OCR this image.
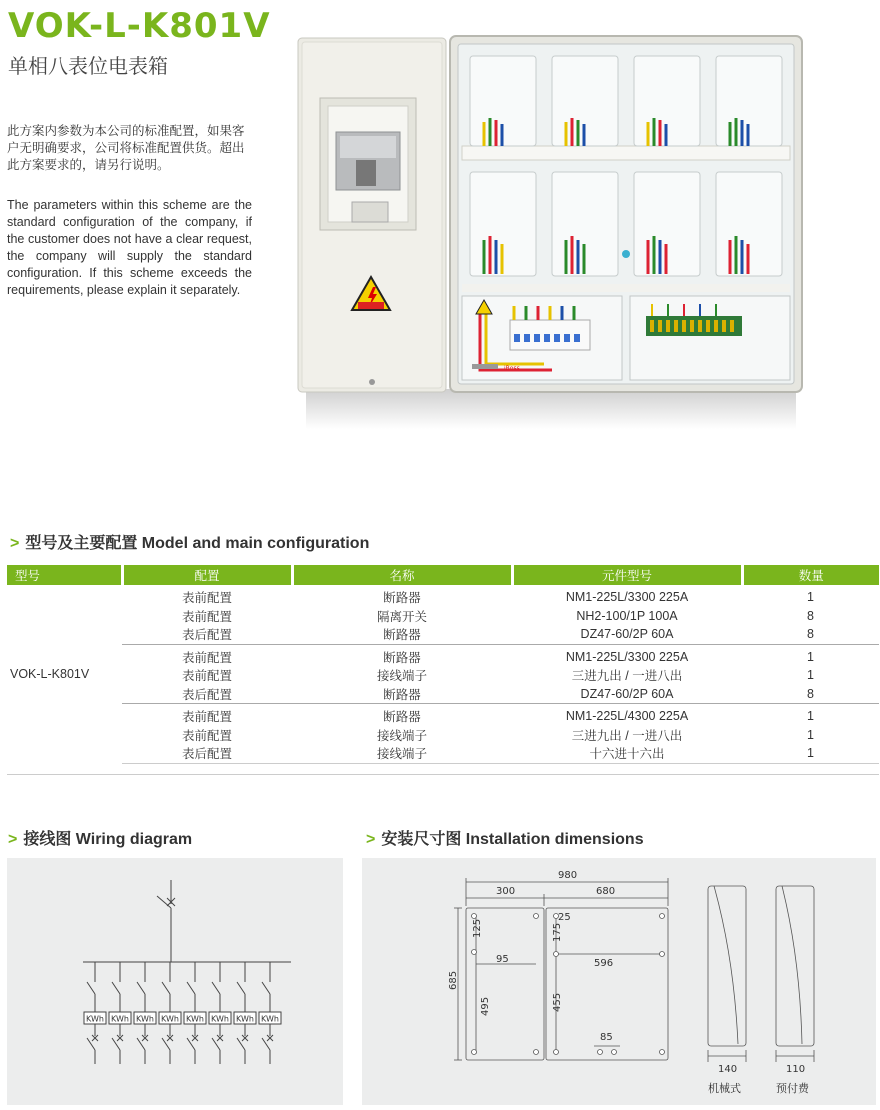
VOK-L-K801V
单相八表位电表箱
此方案内参数为本公司的标准配置，如果客户无明确要求，公司将标准配置供货。超出此方案要求的，请另行说明。
The parameters within this scheme are the standard configuration of the company, if the customer does not have a clear request, the company will supply the standard configuration. If this scheme exceeds the requirements, please explain it separately.
iBoss
> 型号及主要配置 Model and main configuration
型号	配置	名称	元件型号	数量
VOK-L-K801V	表前配置	断路器	NM1-225L/3300 225A	1
	表前配置	隔离开关	NH2-100/1P 100A	8
	表后配置	断路器	DZ47-60/2P 60A	8
	表前配置	断路器	NM1-225L/3300 225A	1
	表前配置	接线端子	三进九出 / 一进八出	1
	表后配置	断路器	DZ47-60/2P 60A	8
	表前配置	断路器	NM1-225L/4300 225A	1
	表前配置	接线端子	三进九出 / 一进八出	1
	表后配置	接线端子	十六进十六出	1
> 接线图 Wiring diagram
KWh KWh KWh KWh KWh KWh KWh KWh
> 安装尺寸图 Installation dimensions
980
300	680
685
125
495
95
25
175
596
455
85
140	110
机械式	预付费
